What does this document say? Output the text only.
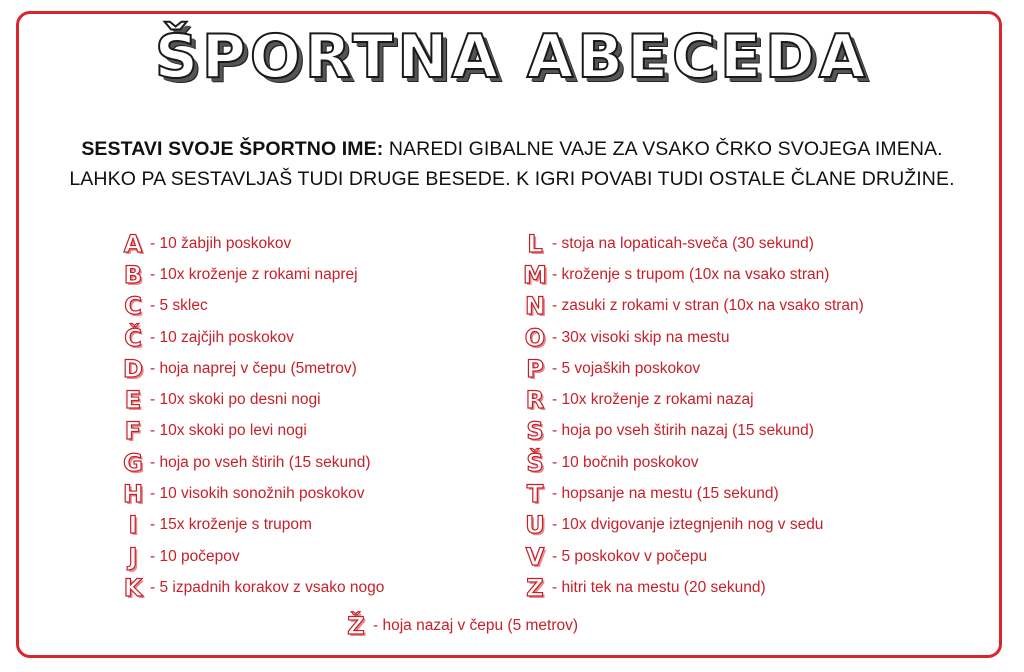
ŠPORTNA ABECEDA
SESTAVI SVOJE ŠPORTNO IME: NAREDI GIBALNE VAJE ZA VSAKO ČRKO SVOJEGA IMENA.
LAHKO PA SESTAVLJAŠ TUDI DRUGE BESEDE. K IGRI POVABI TUDI OSTALE ČLANE DRUŽINE.
A - 10 žabjih poskokov
B - 10x kroženje z rokami naprej
C - 5 sklec
Č - 10 zajčjih poskokov
D - hoja naprej v čepu (5metrov)
E - 10x skoki po desni nogi
F - 10x skoki po levi nogi
G - hoja po vseh štirih (15 sekund)
H - 10 visokih sonožnih poskokov
I - 15x kroženje s trupom
J - 10 počepov
K - 5 izpadnih korakov z vsako nogo
L - stoja na lopaticah-sveča (30 sekund)
M - kroženje s trupom (10x na vsako stran)
N - zasuki z rokami v stran (10x na vsako stran)
O - 30x visoki skip na mestu
P - 5 vojaških poskokov
R - 10x kroženje z rokami nazaj
S - hoja po vseh štirih nazaj (15 sekund)
Š - 10 bočnih poskokov
T - hopsanje na mestu (15 sekund)
U - 10x dvigovanje iztegnjenih nog v sedu
V - 5 poskokov v počepu
Z - hitri tek na mestu (20 sekund)
Ž - hoja nazaj v čepu (5 metrov)
